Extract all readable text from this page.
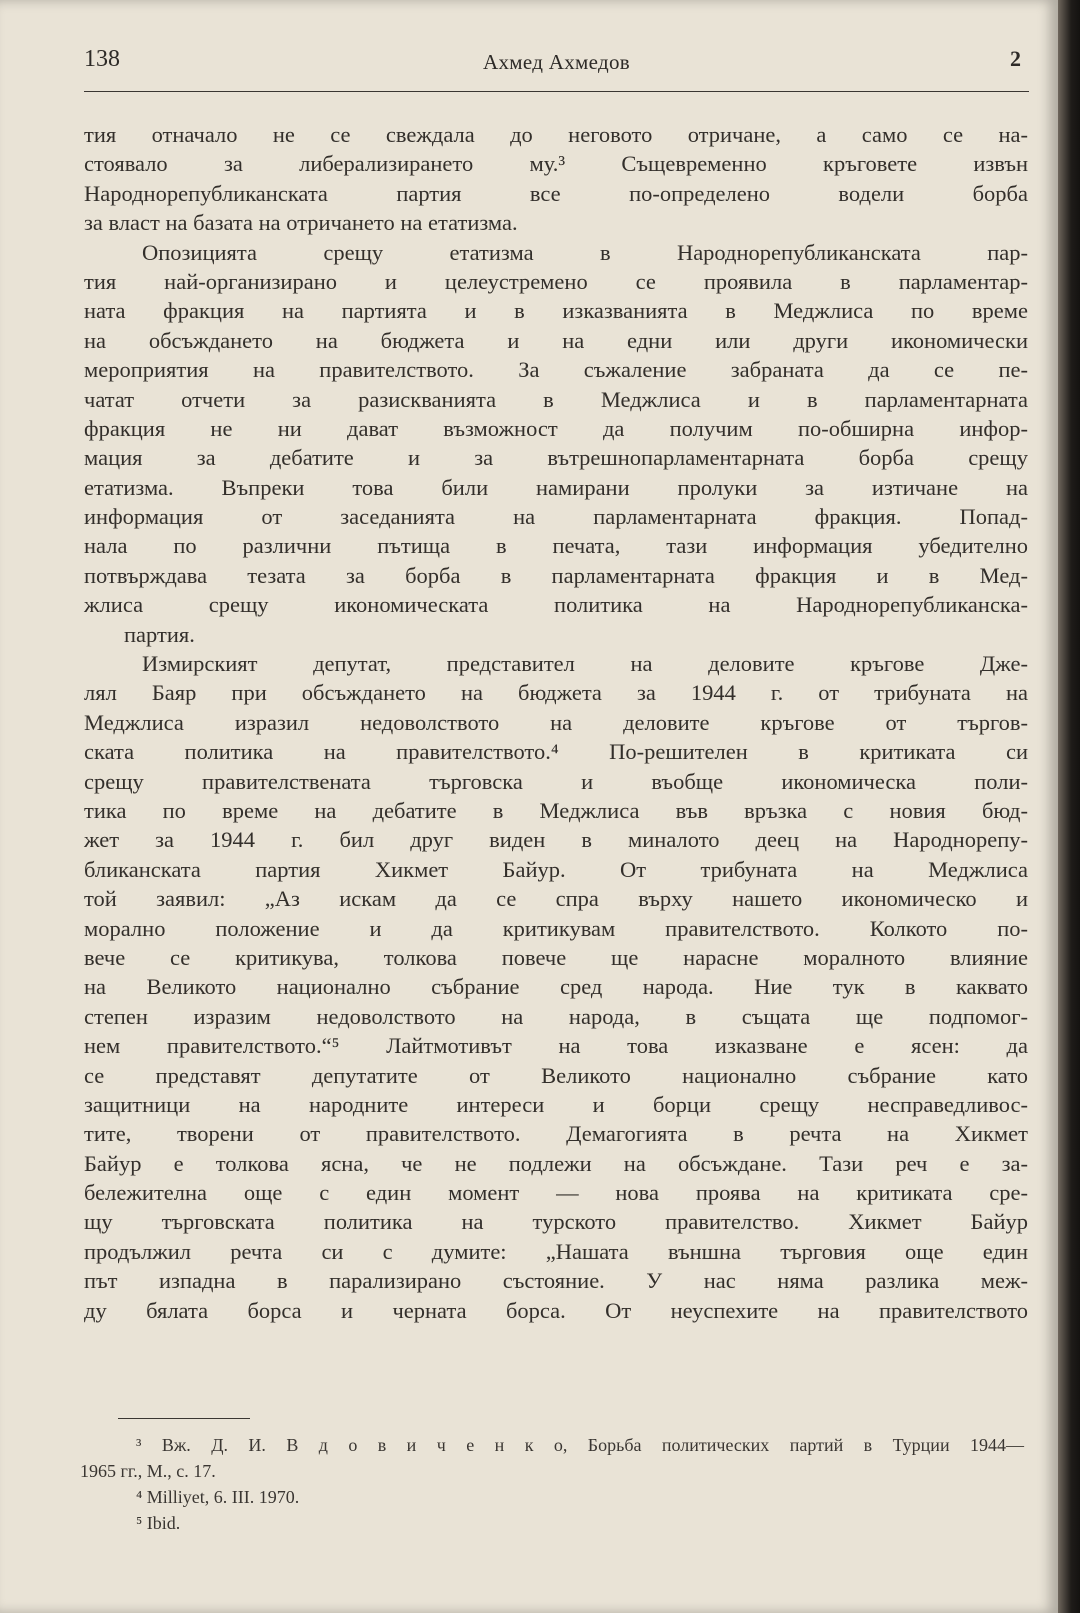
138	Ахмед Ахмедов	2
тия отначало не се свеждала до неговото отричане, а само се на-
стоявало за либерализирането му.³ Същевременно кръговете извън
Народнорепубликанската партия все по-определено водели борба
за власт на базата на отричането на етатизма.
Опозицията срещу етатизма в Народнорепубликанската пар-
тия най-организирано и целеустремено се проявила в парламентар-
ната фракция на партията и в изказванията в Меджлиса по време
на обсъждането на бюджета и на едни или други икономически
мероприятия на правителството. За съжаление забраната да се пе-
чатат отчети за разискванията в Меджлиса и в парламентарната
фракция не ни дават възможност да получим по-обширна инфор-
мация за дебатите и за вътрешнопарламентарната борба срещу
етатизма. Въпреки това били намирани пролуки за изтичане на
информация от заседанията на парламентарната фракция. Попад-
нала по различни пътища в печата, тази информация убедително
потвърждава тезата за борба в парламентарната фракция и в Мед-
жлиса срещу икономическата политика на Народнорепубликанска-
партия.
Измирският депутат, представител на деловите кръгове Дже-
лял Баяр при обсъждането на бюджета за 1944 г. от трибуната на
Меджлиса изразил недоволството на деловите кръгове от търгов-
ската политика на правителството.⁴ По-решителен в критиката си
срещу правителствената търговска и въобще икономическа поли-
тика по време на дебатите в Меджлиса във връзка с новия бюд-
жет за 1944 г. бил друг виден в миналото деец на Народнорепу-
бликанската партия Хикмет Байур. От трибуната на Меджлиса
той заявил: „Аз искам да се спра върху нашето икономическо и
морално положение и да критикувам правителството. Колкото по-
вече се критикува, толкова повече ще нарасне моралното влияние
на Великото национално събрание сред народа. Ние тук в каквато
степен изразим недоволството на народа, в същата ще подпомог-
нем правителството.“⁵ Лайтмотивът на това изказване е ясен: да
се представят депутатите от Великото национално събрание като
защитници на народните интереси и борци срещу несправедливос-
тите, творени от правителството. Демагогията в речта на Хикмет
Байур е толкова ясна, че не подлежи на обсъждане. Тази реч е за-
бележителна още с един момент — нова проява на критиката сре-
щу търговската политика на турското правителство. Хикмет Байур
продължил речта си с думите: „Нашата външна търговия още един
път изпадна в парализирано състояние. У нас няма разлика меж-
ду бялата борса и черната борса. От неуспехите на правителството
³ Вж. Д. И. В д о в и ч е н к о, Борьба политических партий в Турции 1944—
1965 гг., М., с. 17.
⁴ Milliyet, 6. III. 1970.
⁵ Ibid.
